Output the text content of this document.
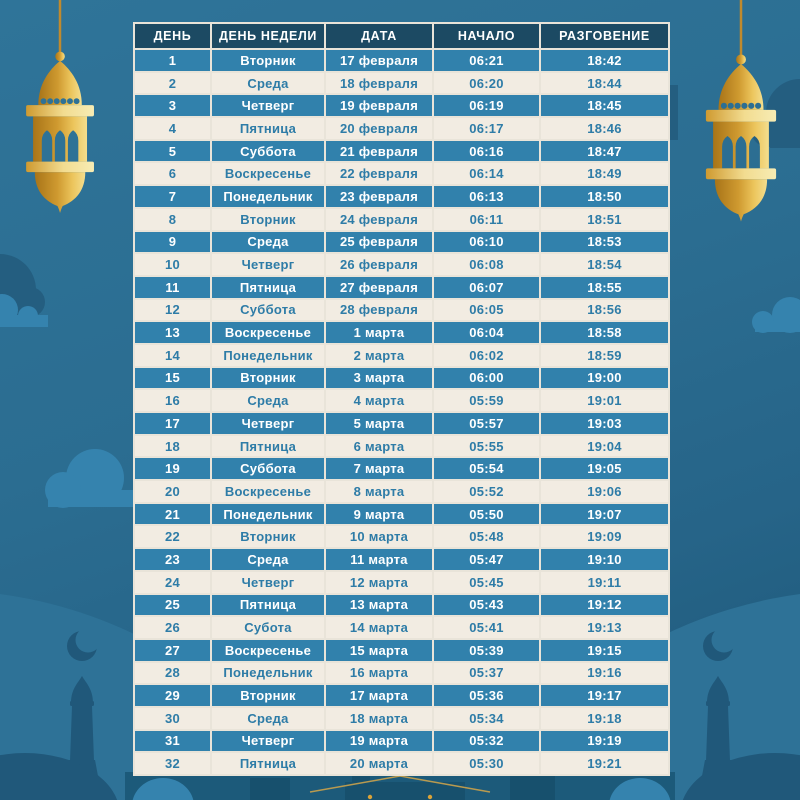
ДЕНЬ	ДЕНЬ НЕДЕЛИ	ДАТА	НАЧАЛО	РАЗГОВЕНИЕ
1	Вторник	17 февраля	06:21	18:42
2	Среда	18 февраля	06:20	18:44
3	Четверг	19 февраля	06:19	18:45
4	Пятница	20 февраля	06:17	18:46
5	Суббота	21 февраля	06:16	18:47
6	Воскресенье	22 февраля	06:14	18:49
7	Понедельник	23 февраля	06:13	18:50
8	Вторник	24 февраля	06:11	18:51
9	Среда	25 февраля	06:10	18:53
10	Четверг	26 февраля	06:08	18:54
11	Пятница	27 февраля	06:07	18:55
12	Суббота	28 февраля	06:05	18:56
13	Воскресенье	1 марта	06:04	18:58
14	Понедельник	2 марта	06:02	18:59
15	Вторник	3 марта	06:00	19:00
16	Среда	4 марта	05:59	19:01
17	Четверг	5 марта	05:57	19:03
18	Пятница	6 марта	05:55	19:04
19	Суббота	7 марта	05:54	19:05
20	Воскресенье	8 марта	05:52	19:06
21	Понедельник	9 марта	05:50	19:07
22	Вторник	10 марта	05:48	19:09
23	Среда	11 марта	05:47	19:10
24	Четверг	12 марта	05:45	19:11
25	Пятница	13 марта	05:43	19:12
26	Субота	14 марта	05:41	19:13
27	Воскресенье	15 марта	05:39	19:15
28	Понедельник	16 марта	05:37	19:16
29	Вторник	17 марта	05:36	19:17
30	Среда	18 марта	05:34	19:18
31	Четверг	19 марта	05:32	19:19
32	Пятница	20 марта	05:30	19:21
